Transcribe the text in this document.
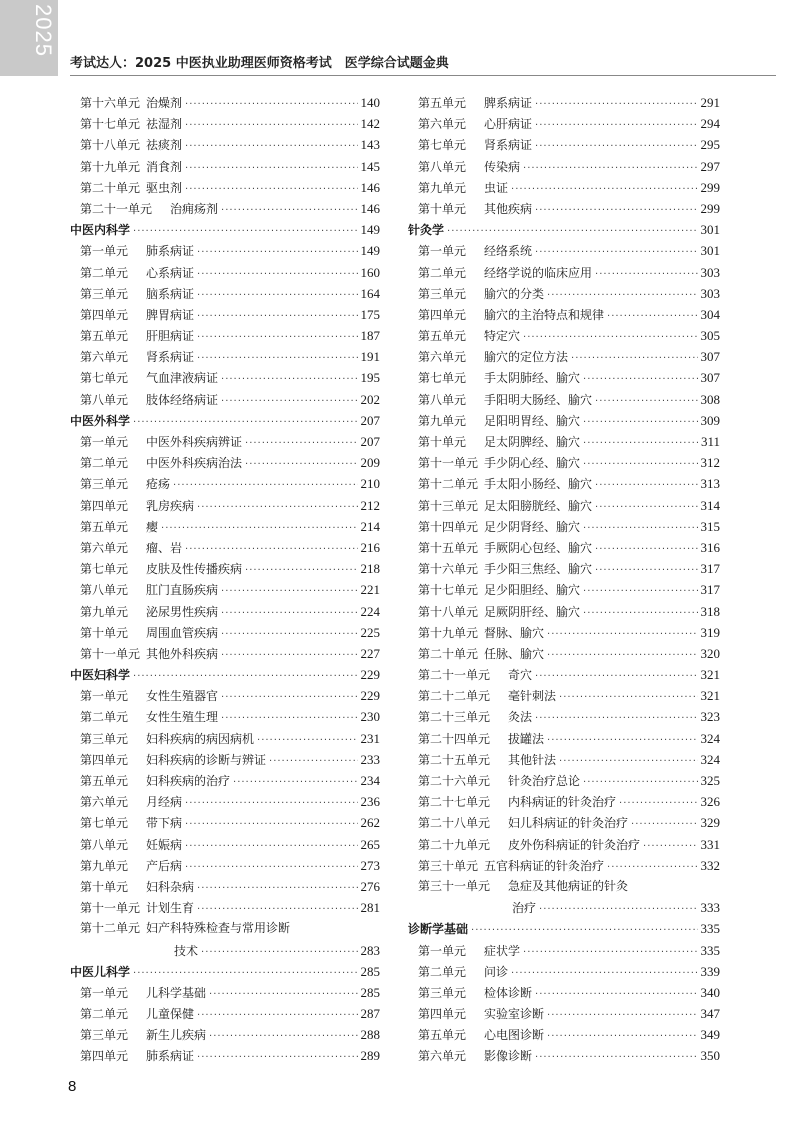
2025
考试达人：2025 中医执业助理医师资格考试　医学综合试题金典
第十六单元 治燥剂 ·····	140
第十七单元 祛湿剂 ·····	142
第十八单元 祛痰剂 ·····	143
第十九单元 消食剂 ·····	145
第二十单元 驱虫剂 ·····	146
第二十一单元 治痈疡剂 ·····	146
中医内科学 ·····	149
第一单元 肺系病证 ·····	149
第二单元 心系病证 ·····	160
第三单元 脑系病证 ·····	164
第四单元 脾胃病证 ·····	175
第五单元 肝胆病证 ·····	187
第六单元 肾系病证 ·····	191
第七单元 气血津液病证 ·····	195
第八单元 肢体经络病证 ·····	202
中医外科学 ·····	207
第一单元 中医外科疾病辨证 ·····	207
第二单元 中医外科疾病治法 ·····	209
第三单元 疮疡 ·····	210
第四单元 乳房疾病 ·····	212
第五单元 瘿 ·····	214
第六单元 瘤、岩 ·····	216
第七单元 皮肤及性传播疾病 ·····	218
第八单元 肛门直肠疾病 ·····	221
第九单元 泌尿男性疾病 ·····	224
第十单元 周围血管疾病 ·····	225
第十一单元 其他外科疾病 ·····	227
中医妇科学 ·····	229
第一单元 女性生殖器官 ·····	229
第二单元 女性生殖生理 ·····	230
第三单元 妇科疾病的病因病机 ·····	231
第四单元 妇科疾病的诊断与辨证 ·····	233
第五单元 妇科疾病的治疗 ·····	234
第六单元 月经病 ·····	236
第七单元 带下病 ·····	262
第八单元 妊娠病 ·····	265
第九单元 产后病 ·····	273
第十单元 妇科杂病 ·····	276
第十一单元 计划生育 ·····	281
第十二单元 妇产科特殊检查与常用诊断
技术 ·····	283
中医儿科学 ·····	285
第一单元 儿科学基础 ·····	285
第二单元 儿童保健 ·····	287
第三单元 新生儿疾病 ·····	288
第四单元 肺系病证 ·····	289
第五单元 脾系病证 ·····	291
第六单元 心肝病证 ·····	294
第七单元 肾系病证 ·····	295
第八单元 传染病 ·····	297
第九单元 虫证 ·····	299
第十单元 其他疾病 ·····	299
针灸学 ·····	301
第一单元 经络系统 ·····	301
第二单元 经络学说的临床应用 ·····	303
第三单元 腧穴的分类 ·····	303
第四单元 腧穴的主治特点和规律 ·····	304
第五单元 特定穴 ·····	305
第六单元 腧穴的定位方法 ·····	307
第七单元 手太阴肺经、腧穴 ·····	307
第八单元 手阳明大肠经、腧穴 ·····	308
第九单元 足阳明胃经、腧穴 ·····	309
第十单元 足太阴脾经、腧穴 ·····	311
第十一单元 手少阴心经、腧穴 ·····	312
第十二单元 手太阳小肠经、腧穴 ·····	313
第十三单元 足太阳膀胱经、腧穴 ·····	314
第十四单元 足少阴肾经、腧穴 ·····	315
第十五单元 手厥阴心包经、腧穴 ·····	316
第十六单元 手少阳三焦经、腧穴 ·····	317
第十七单元 足少阳胆经、腧穴 ·····	317
第十八单元 足厥阴肝经、腧穴 ·····	318
第十九单元 督脉、腧穴 ·····	319
第二十单元 任脉、腧穴 ·····	320
第二十一单元 奇穴 ·····	321
第二十二单元 毫针刺法 ·····	321
第二十三单元 灸法 ·····	323
第二十四单元 拔罐法 ·····	324
第二十五单元 其他针法 ·····	324
第二十六单元 针灸治疗总论 ·····	325
第二十七单元 内科病证的针灸治疗 ·····	326
第二十八单元 妇儿科病证的针灸治疗 ·····	329
第二十九单元 皮外伤科病证的针灸治疗 ·····	331
第三十单元 五官科病证的针灸治疗 ·····	332
第三十一单元 急症及其他病证的针灸
治疗 ·····	333
诊断学基础 ·····	335
第一单元 症状学 ·····	335
第二单元 问诊 ·····	339
第三单元 检体诊断 ·····	340
第四单元 实验室诊断 ·····	347
第五单元 心电图诊断 ·····	349
第六单元 影像诊断 ·····	350
8
